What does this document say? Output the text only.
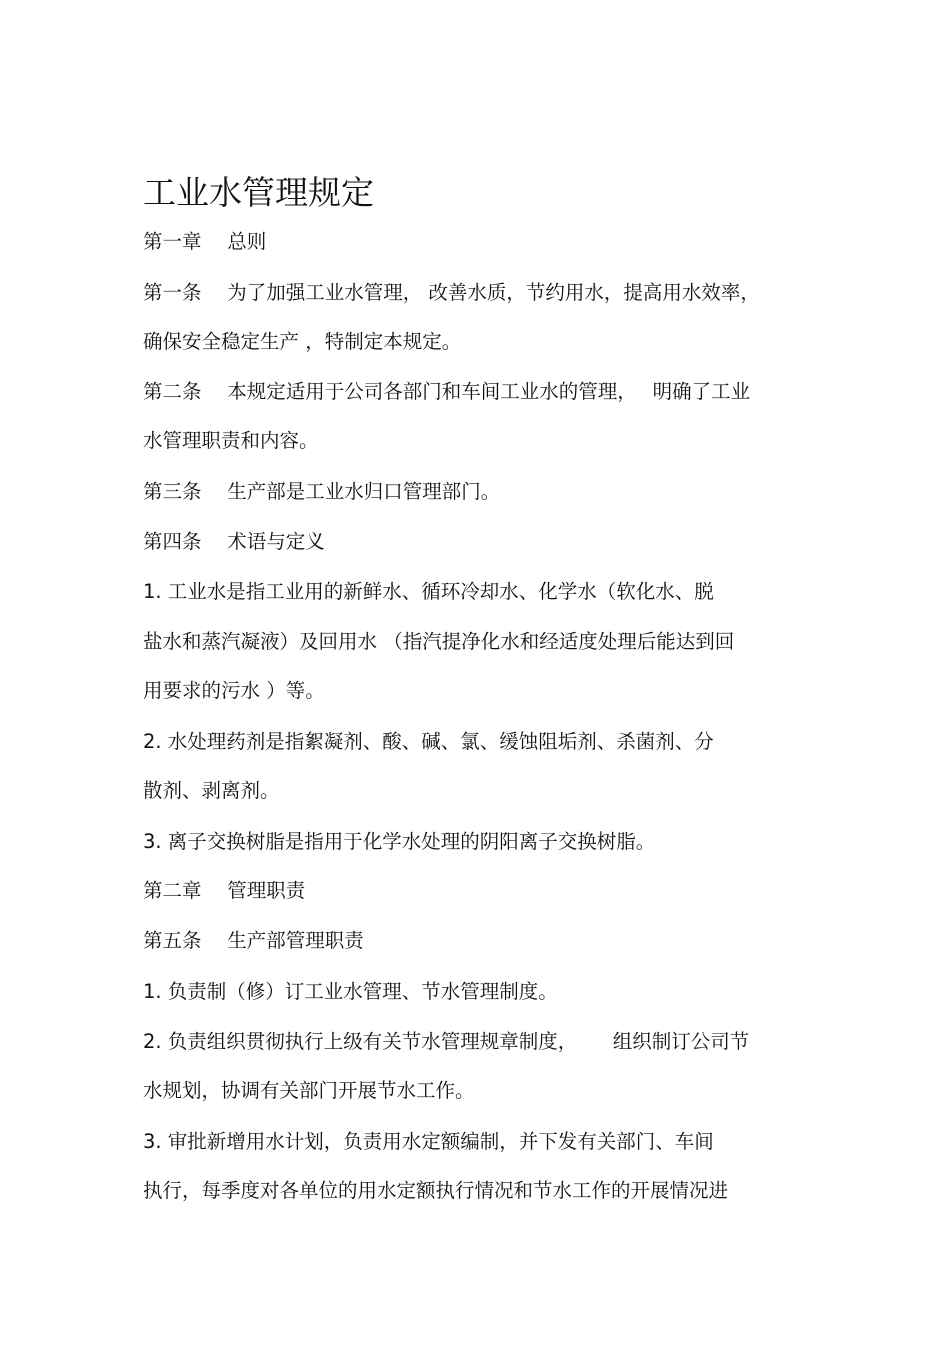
工业水管理规定
第一章　 总则
第一条　 为了加强工业水管理， 改善水质，节约用水，提高用水效率，
确保安全稳定生产 ，特制定本规定。
第二条　 本规定适用于公司各部门和车间工业水的管理，　 明确了工业
水管理职责和内容。
第三条　 生产部是工业水归口管理部门。
第四条　 术语与定义
1. 工业水是指工业用的新鲜水、循环冷却水、化学水（软化水、脱
盐水和蒸汽凝液）及回用水 （指汽提净化水和经适度处理后能达到回
用要求的污水 ）等。
2. 水处理药剂是指絮凝剂、酸、碱、氯、缓蚀阻垢剂、杀菌剂、分
散剂、剥离剂。
3. 离子交换树脂是指用于化学水处理的阴阳离子交换树脂。
第二章　 管理职责
第五条　 生产部管理职责
1. 负责制（修）订工业水管理、节水管理制度。
2. 负责组织贯彻执行上级有关节水管理规章制度，　　 组织制订公司节
水规划，协调有关部门开展节水工作。
3. 审批新增用水计划，负责用水定额编制，并下发有关部门、车间
执行，每季度对各单位的用水定额执行情况和节水工作的开展情况进
